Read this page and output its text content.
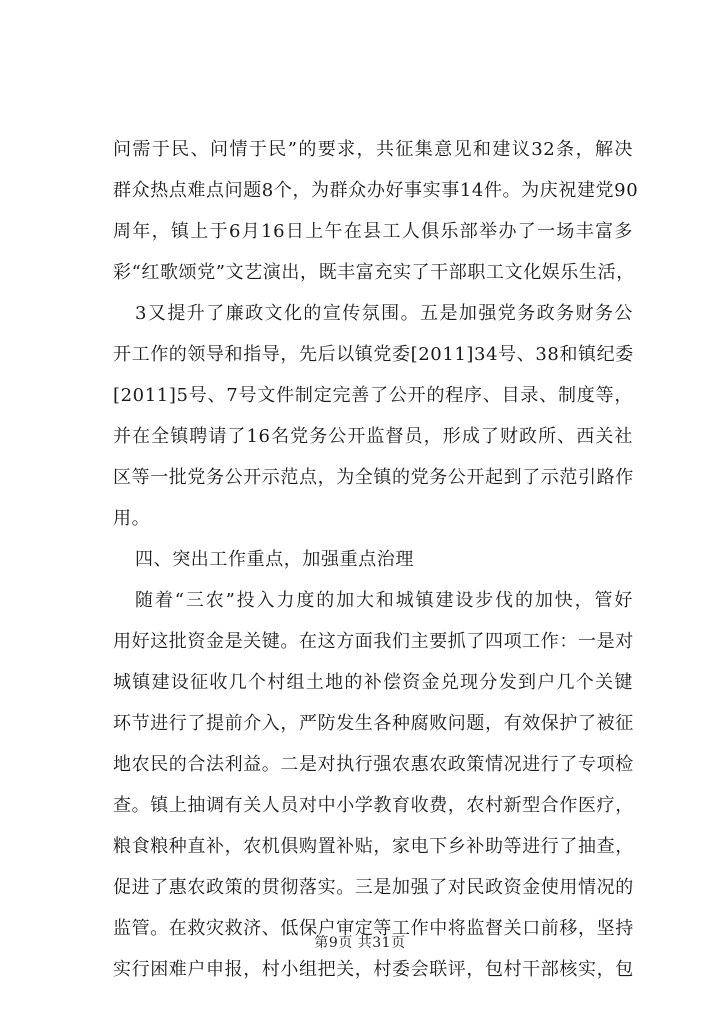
问需于民、问情于民”的要求，共征集意见和建议32条，解决
群众热点难点问题8个，为群众办好事实事14件。为庆祝建党90
周年，镇上于6月16日上午在县工人俱乐部举办了一场丰富多
彩“红歌颂党”文艺演出，既丰富充实了干部职工文化娱乐生活，
3又提升了廉政文化的宣传氛围。五是加强党务政务财务公
开工作的领导和指导，先后以镇党委[2011]34号、38和镇纪委
[2011]5号、7号文件制定完善了公开的程序、目录、制度等，
并在全镇聘请了16名党务公开监督员，形成了财政所、西关社
区等一批党务公开示范点，为全镇的党务公开起到了示范引路作
用。
四、突出工作重点，加强重点治理
随着“三农”投入力度的加大和城镇建设步伐的加快，管好
用好这批资金是关键。在这方面我们主要抓了四项工作：一是对
城镇建设征收几个村组土地的补偿资金兑现分发到户几个关键
环节进行了提前介入，严防发生各种腐败问题，有效保护了被征
地农民的合法利益。二是对执行强农惠农政策情况进行了专项检
查。镇上抽调有关人员对中小学教育收费，农村新型合作医疗，
粮食粮种直补，农机俱购置补贴，家电下乡补助等进行了抽查，
促进了惠农政策的贯彻落实。三是加强了对民政资金使用情况的
监管。在救灾救济、低保户审定等工作中将监督关口前移，坚持
实行困难户申报，村小组把关，村委会联评，包村干部核实，包
第9页 共31页
